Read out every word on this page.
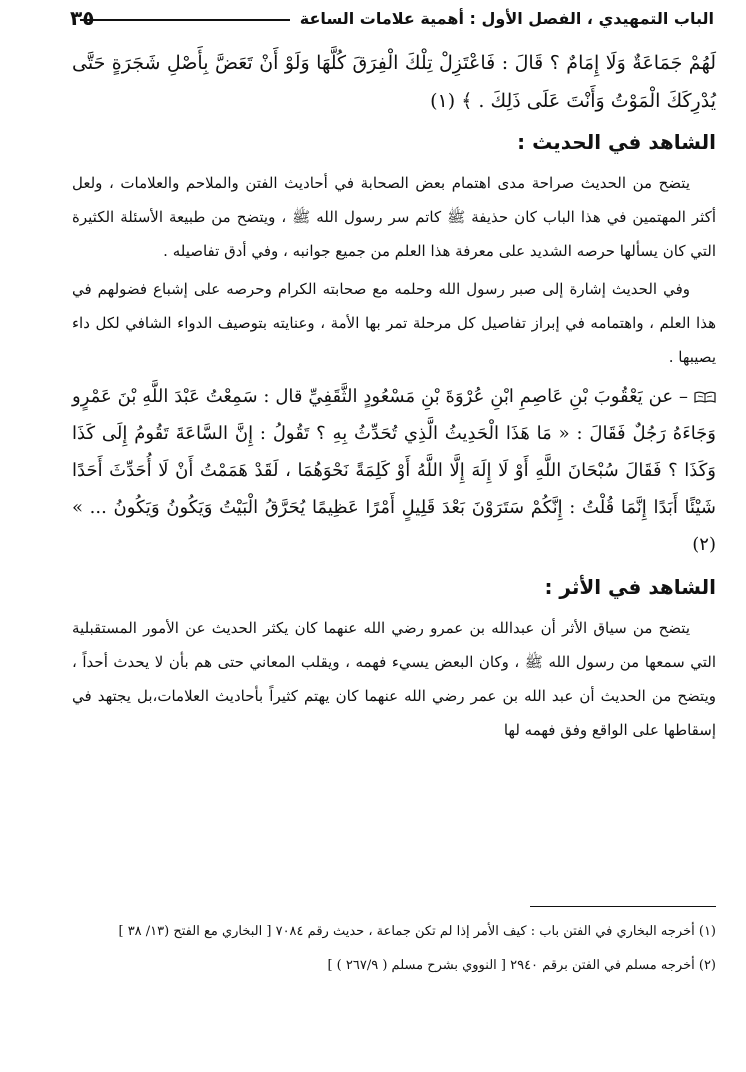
الباب التمهيدي ، الفصل الأول : أهمية علامات الساعة
٣٥

لَهُمْ جَمَاعَةٌ وَلَا إِمَامٌ ؟ قَالَ : فَاعْتَزِلْ تِلْكَ الْفِرَقَ كُلَّهَا وَلَوْ أَنْ تَعَضَّ بِأَصْلِ شَجَرَةٍ حَتَّى يُدْرِكَكَ الْمَوْتُ وَأَنْتَ عَلَى ذَلِكَ . ﴾ (١)

الشاهد في الحديث :

يتضح من الحديث صراحة مدى اهتمام بعض الصحابة في أحاديث الفتن والملاحم والعلامات ، ولعل أكثر المهتمين في هذا الباب كان حذيفة ﷺ كاتم سر رسول الله ﷺ ، ويتضح من طبيعة الأسئلة الكثيرة التي كان يسألها حرصه الشديد على معرفة هذا العلم من جميع جوانبه ، وفي أدق تفاصيله .

وفي الحديث إشارة إلى صبر رسول الله وحلمه مع صحابته الكرام وحرصه على إشباع فضولهم في هذا العلم ، واهتمامه في إبراز تفاصيل كل مرحلة تمر بها الأمة ، وعنايته بتوصيف الدواء الشافي لكل داء يصيبها .

– عن يَعْقُوبَ بْنِ عَاصِمِ ابْنِ عُرْوَةَ بْنِ مَسْعُودٍ الثَّقَفِيِّ قال : سَمِعْتُ عَبْدَ اللَّهِ بْنَ عَمْرٍو وَجَاءَهُ رَجُلٌ فَقَالَ : « مَا هَذَا الْحَدِيثُ الَّذِي تُحَدِّثُ بِهِ ؟ تَقُولُ : إِنَّ السَّاعَةَ تَقُومُ إِلَى كَذَا وَكَذَا ؟ فَقَالَ سُبْحَانَ اللَّهِ أَوْ لَا إِلَهَ إِلَّا اللَّهُ أَوْ كَلِمَةً نَحْوَهُمَا ، لَقَدْ هَمَمْتُ أَنْ لَا أُحَدِّثَ أَحَدًا شَيْئًا أَبَدًا إِنَّمَا قُلْتُ : إِنَّكُمْ سَتَرَوْنَ بَعْدَ قَلِيلٍ أَمْرًا عَظِيمًا يُحَرَّقُ الْبَيْتُ وَيَكُونُ وَيَكُونُ ... » (٢)

الشاهد في الأثر :

يتضح من سياق الأثر أن عبدالله بن عمرو رضي الله عنهما كان يكثر الحديث عن الأمور المستقبلية التي سمعها من رسول الله ﷺ ، وكان البعض يسيء فهمه ، ويقلب المعاني حتى هم بأن لا يحدث أحداً ، ويتضح من الحديث أن عبد الله بن عمر رضي الله عنهما كان يهتم كثيراً بأحاديث العلامات،بل يجتهد في إسقاطها على الواقع وفق فهمه لها

(١) أخرجه البخاري في الفتن باب : كيف الأمر إذا لم تكن جماعة ، حديث رقم ٧٠٨٤ [ البخاري مع الفتح (١٣/ ٣٨ ]

(٢) أخرجه مسلم في الفتن برقم ٢٩٤٠ [ النووي بشرح مسلم ( ٢٦٧/٩ ) ]
